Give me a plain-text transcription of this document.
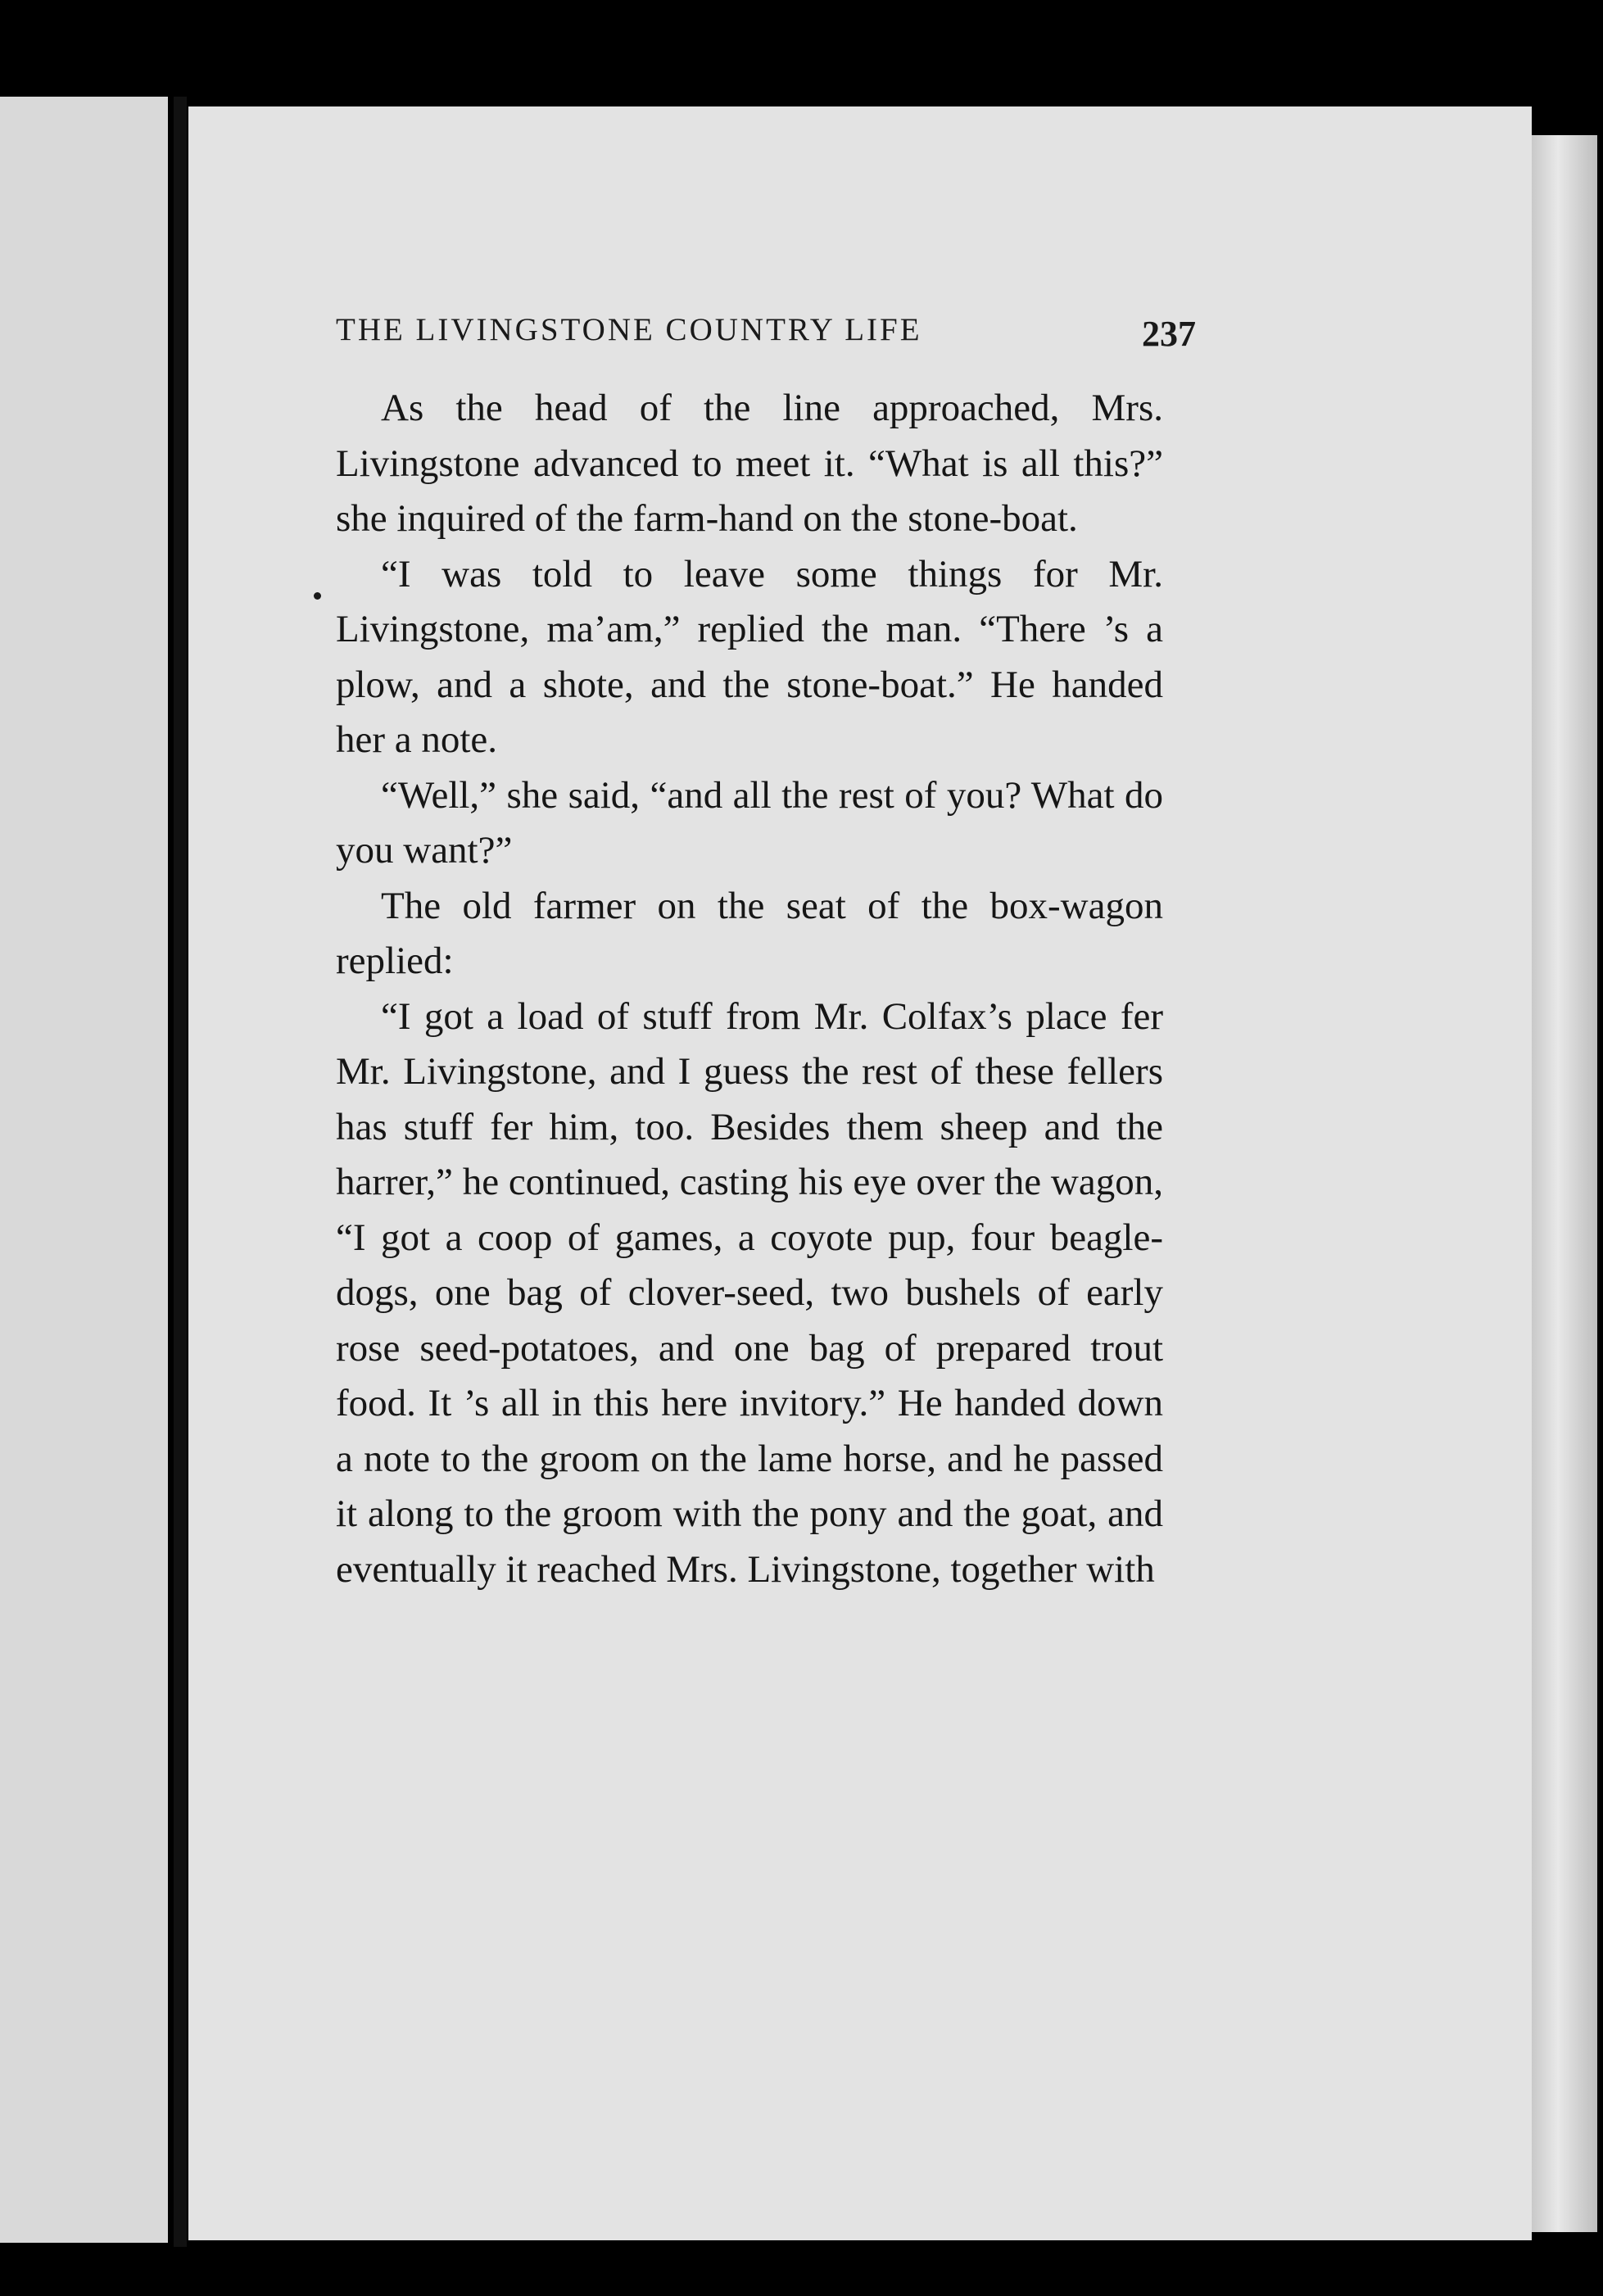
THE LIVINGSTONE COUNTRY LIFE	237

As the head of the line approached, Mrs. Livingstone advanced to meet it. “What is all this?” she inquired of the farm-hand on the stone-boat.

“I was told to leave some things for Mr. Livingstone, ma’am,” replied the man. “There ’s a plow, and a shote, and the stone-boat.” He handed her a note.

“Well,” she said, “and all the rest of you? What do you want?”

The old farmer on the seat of the box-wagon replied:

“I got a load of stuff from Mr. Colfax’s place fer Mr. Livingstone, and I guess the rest of these fellers has stuff fer him, too. Besides them sheep and the harrer,” he continued, casting his eye over the wagon, “I got a coop of games, a coyote pup, four beagle-dogs, one bag of clover-seed, two bushels of early rose seed-potatoes, and one bag of prepared trout food. It ’s all in this here invitory.” He handed down a note to the groom on the lame horse, and he passed it along to the groom with the pony and the goat, and eventually it reached Mrs. Livingstone, together with
